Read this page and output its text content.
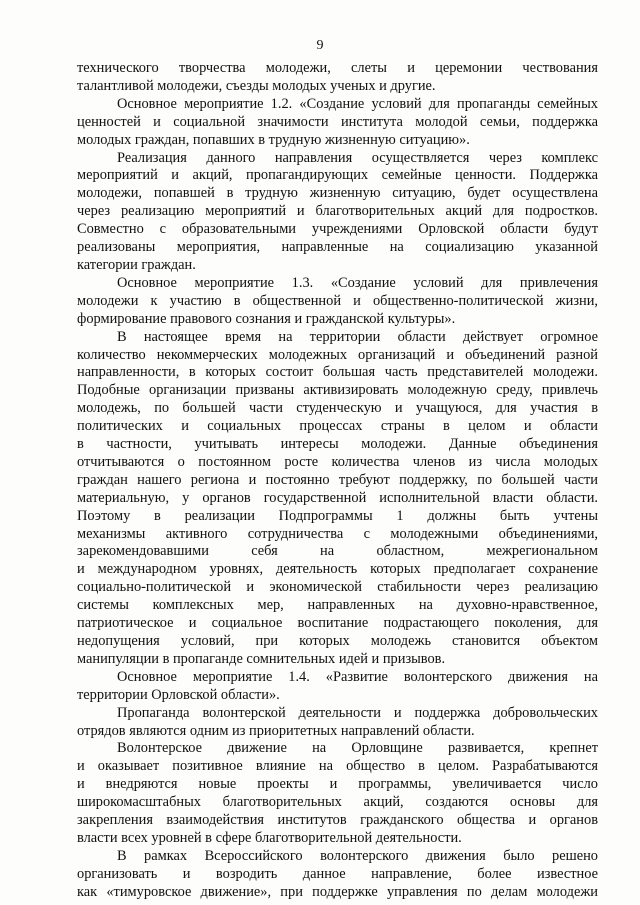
9
технического творчества молодежи, слеты и церемонии чествования
талантливой молодежи, съезды молодых ученых и другие.
Основное мероприятие 1.2. «Создание условий для пропаганды семейных
ценностей и социальной значимости института молодой семьи, поддержка
молодых граждан, попавших в трудную жизненную ситуацию».
Реализация данного направления осуществляется через комплекс
мероприятий и акций, пропагандирующих семейные ценности. Поддержка
молодежи, попавшей в трудную жизненную ситуацию, будет осуществлена
через реализацию мероприятий и благотворительных акций для подростков.
Совместно с образовательными учреждениями Орловской области будут
реализованы мероприятия, направленные на социализацию указанной
категории граждан.
Основное мероприятие 1.3. «Создание условий для привлечения
молодежи к участию в общественной и общественно-политической жизни,
формирование правового сознания и гражданской культуры».
В настоящее время на территории области действует огромное
количество некоммерческих молодежных организаций и объединений разной
направленности, в которых состоит большая часть представителей молодежи.
Подобные организации призваны активизировать молодежную среду, привлечь
молодежь, по большей части студенческую и учащуюся, для участия в
политических и социальных процессах страны в целом и области
в частности, учитывать интересы молодежи. Данные объединения
отчитываются о постоянном росте количества членов из числа молодых
граждан нашего региона и постоянно требуют поддержку, по большей части
материальную, у органов государственной исполнительной власти области.
Поэтому в реализации Подпрограммы 1 должны быть учтены
механизмы активного сотрудничества с молодежными объединениями,
зарекомендовавшими себя на областном, межрегиональном
и международном уровнях, деятельность которых предполагает сохранение
социально-политической и экономической стабильности через реализацию
системы комплексных мер, направленных на духовно-нравственное,
патриотическое и социальное воспитание подрастающего поколения, для
недопущения условий, при которых молодежь становится объектом
манипуляции в пропаганде сомнительных идей и призывов.
Основное мероприятие 1.4. «Развитие волонтерского движения на
территории Орловской области».
Пропаганда волонтерской деятельности и поддержка добровольческих
отрядов являются одним из приоритетных направлений области.
Волонтерское движение на Орловщине развивается, крепнет
и оказывает позитивное влияние на общество в целом. Разрабатываются
и внедряются новые проекты и программы, увеличивается число
широкомасштабных благотворительных акций, создаются основы для
закрепления взаимодействия институтов гражданского общества и органов
власти всех уровней в сфере благотворительной деятельности.
В рамках Всероссийского волонтерского движения было решено
организовать и возродить данное направление, более известное
как «тимуровское движение», при поддержке управления по делам молодежи
